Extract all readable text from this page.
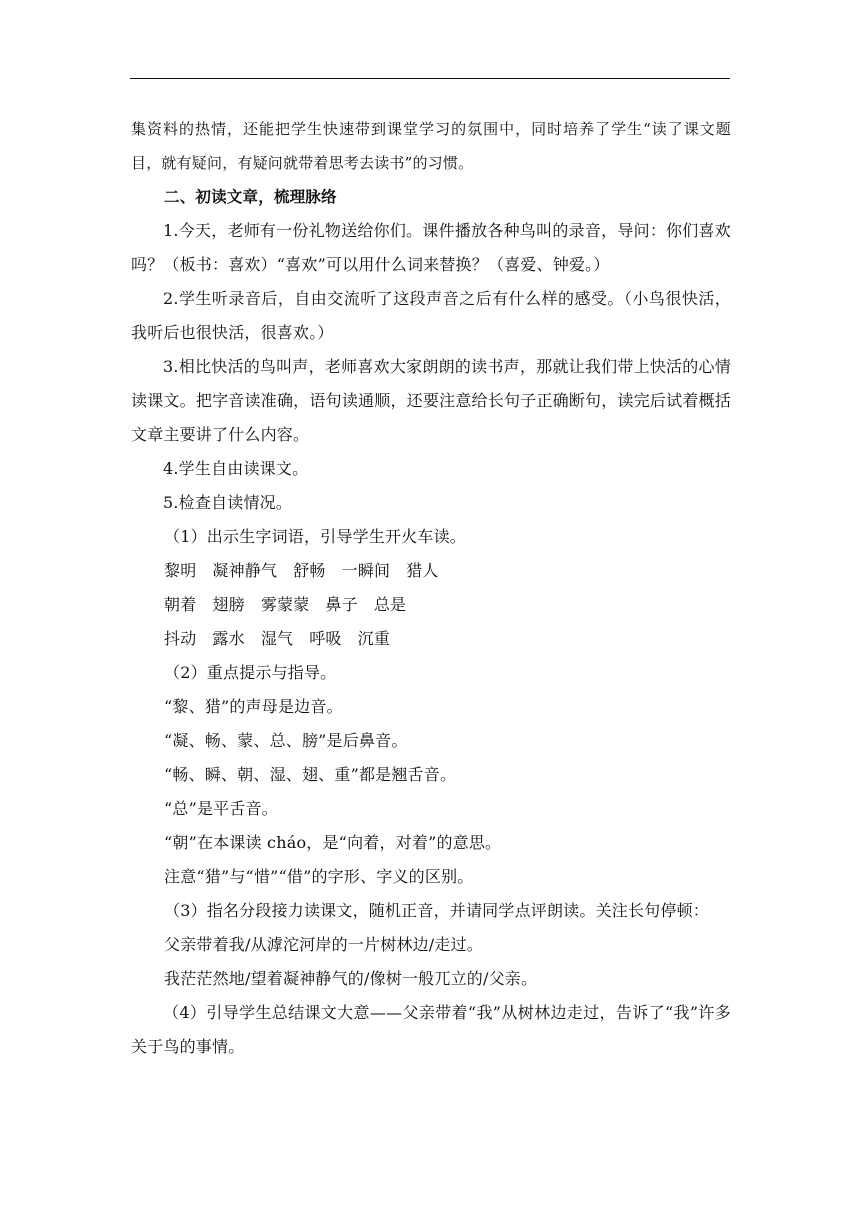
集资料的热情，还能把学生快速带到课堂学习的氛围中，同时培养了学生“读了课文题目，就有疑问，有疑问就带着思考去读书”的习惯。

二、初读文章，梳理脉络

1.今天，老师有一份礼物送给你们。课件播放各种鸟叫的录音，导问：你们喜欢吗？（板书：喜欢）“喜欢”可以用什么词来替换？（喜爱、钟爱。）

2.学生听录音后，自由交流听了这段声音之后有什么样的感受。（小鸟很快活，我听后也很快活，很喜欢。）

3.相比快活的鸟叫声，老师喜欢大家朗朗的读书声，那就让我们带上快活的心情读课文。把字音读准确，语句读通顺，还要注意给长句子正确断句，读完后试着概括文章主要讲了什么内容。

4.学生自由读课文。

5.检查自读情况。

（1）出示生字词语，引导学生开火车读。

黎明 凝神静气 舒畅 一瞬间 猎人
朝着 翅膀 雾蒙蒙 鼻子 总是
抖动 露水 湿气 呼吸 沉重

（2）重点提示与指导。

“黎、猎”的声母是边音。

“凝、畅、蒙、总、膀”是后鼻音。

“畅、瞬、朝、湿、翅、重”都是翘舌音。

“总”是平舌音。

“朝”在本课读 cháo，是“向着，对着”的意思。

注意“猎”与“惜”“借”的字形、字义的区别。

（3）指名分段接力读课文，随机正音，并请同学点评朗读。关注长句停顿：

父亲带着我/从滹沱河岸的一片树林边/走过。

我茫茫然地/望着凝神静气的/像树一般兀立的/父亲。

（4）引导学生总结课文大意——父亲带着“我”从树林边走过，告诉了“我”许多关于鸟的事情。
